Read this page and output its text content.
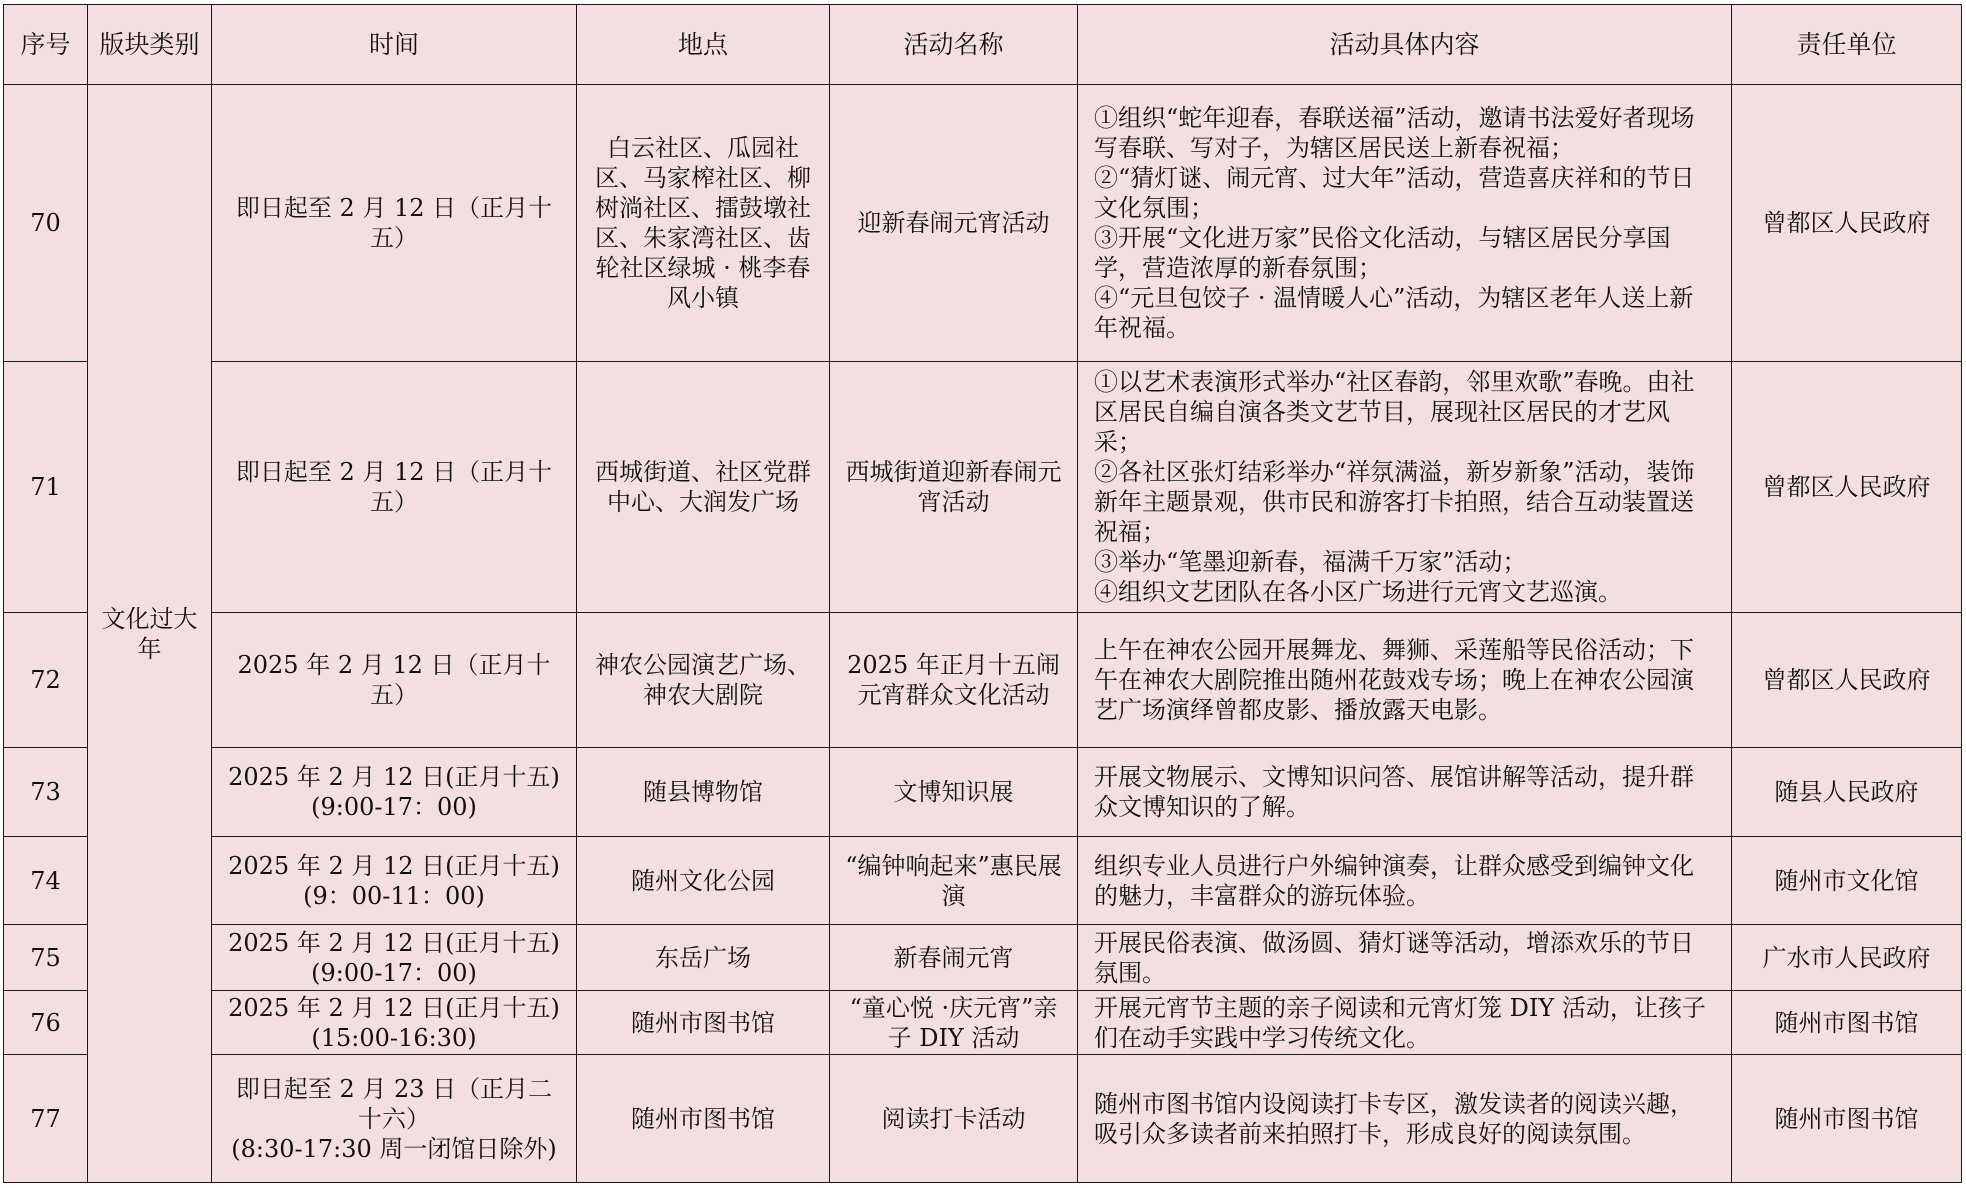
序号	版块类别	时间	地点	活动名称	活动具体内容	责任单位
70	文化过大年	即日起至 2 月 12 日（正月十五）	白云社区、瓜园社区、马家榨社区、柳树淌社区、擂鼓墩社区、朱家湾社区、齿轮社区绿城 · 桃李春风小镇	迎新春闹元宵活动	①组织“蛇年迎春，春联送福”活动，邀请书法爱好者现场写春联、写对子，为辖区居民送上新春祝福；
②“猜灯谜、闹元宵、过大年”活动，营造喜庆祥和的节日文化氛围；
③开展“文化进万家”民俗文化活动，与辖区居民分享国学，营造浓厚的新春氛围；
④“元旦包饺子 · 温情暖人心”活动，为辖区老年人送上新年祝福。	曾都区人民政府
71		即日起至 2 月 12 日（正月十五）	西城街道、社区党群中心、大润发广场	西城街道迎新春闹元宵活动	①以艺术表演形式举办“社区春韵，邻里欢歌”春晚。由社区居民自编自演各类文艺节目，展现社区居民的才艺风采；
②各社区张灯结彩举办“祥氛满溢，新岁新象”活动，装饰新年主题景观，供市民和游客打卡拍照，结合互动装置送祝福；
③举办“笔墨迎新春，福满千万家”活动；
④组织文艺团队在各小区广场进行元宵文艺巡演。	曾都区人民政府
72		2025 年 2 月 12 日（正月十五）	神农公园演艺广场、神农大剧院	2025 年正月十五闹元宵群众文化活动	上午在神农公园开展舞龙、舞狮、采莲船等民俗活动；下午在神农大剧院推出随州花鼓戏专场；晚上在神农公园演艺广场演绎曾都皮影、播放露天电影。	曾都区人民政府
73		2025 年 2 月 12 日(正月十五)
(9:00-17：00)	随县博物馆	文博知识展	开展文物展示、文博知识问答、展馆讲解等活动，提升群众文博知识的了解。	随县人民政府
74		2025 年 2 月 12 日(正月十五)
(9：00-11：00)	随州文化公园	“编钟响起来”惠民展演	组织专业人员进行户外编钟演奏，让群众感受到编钟文化的魅力，丰富群众的游玩体验。	随州市文化馆
75		2025 年 2 月 12 日(正月十五)
(9:00-17：00)	东岳广场	新春闹元宵	开展民俗表演、做汤圆、猜灯谜等活动，增添欢乐的节日氛围。	广水市人民政府
76		2025 年 2 月 12 日(正月十五)
(15:00-16:30)	随州市图书馆	“童心悦 ·庆元宵”亲子 DIY 活动	开展元宵节主题的亲子阅读和元宵灯笼 DIY 活动，让孩子们在动手实践中学习传统文化。	随州市图书馆
77		即日起至 2 月 23 日（正月二十六）
(8:30-17:30 周一闭馆日除外)	随州市图书馆	阅读打卡活动	随州市图书馆内设阅读打卡专区，激发读者的阅读兴趣，吸引众多读者前来拍照打卡，形成良好的阅读氛围。	随州市图书馆
